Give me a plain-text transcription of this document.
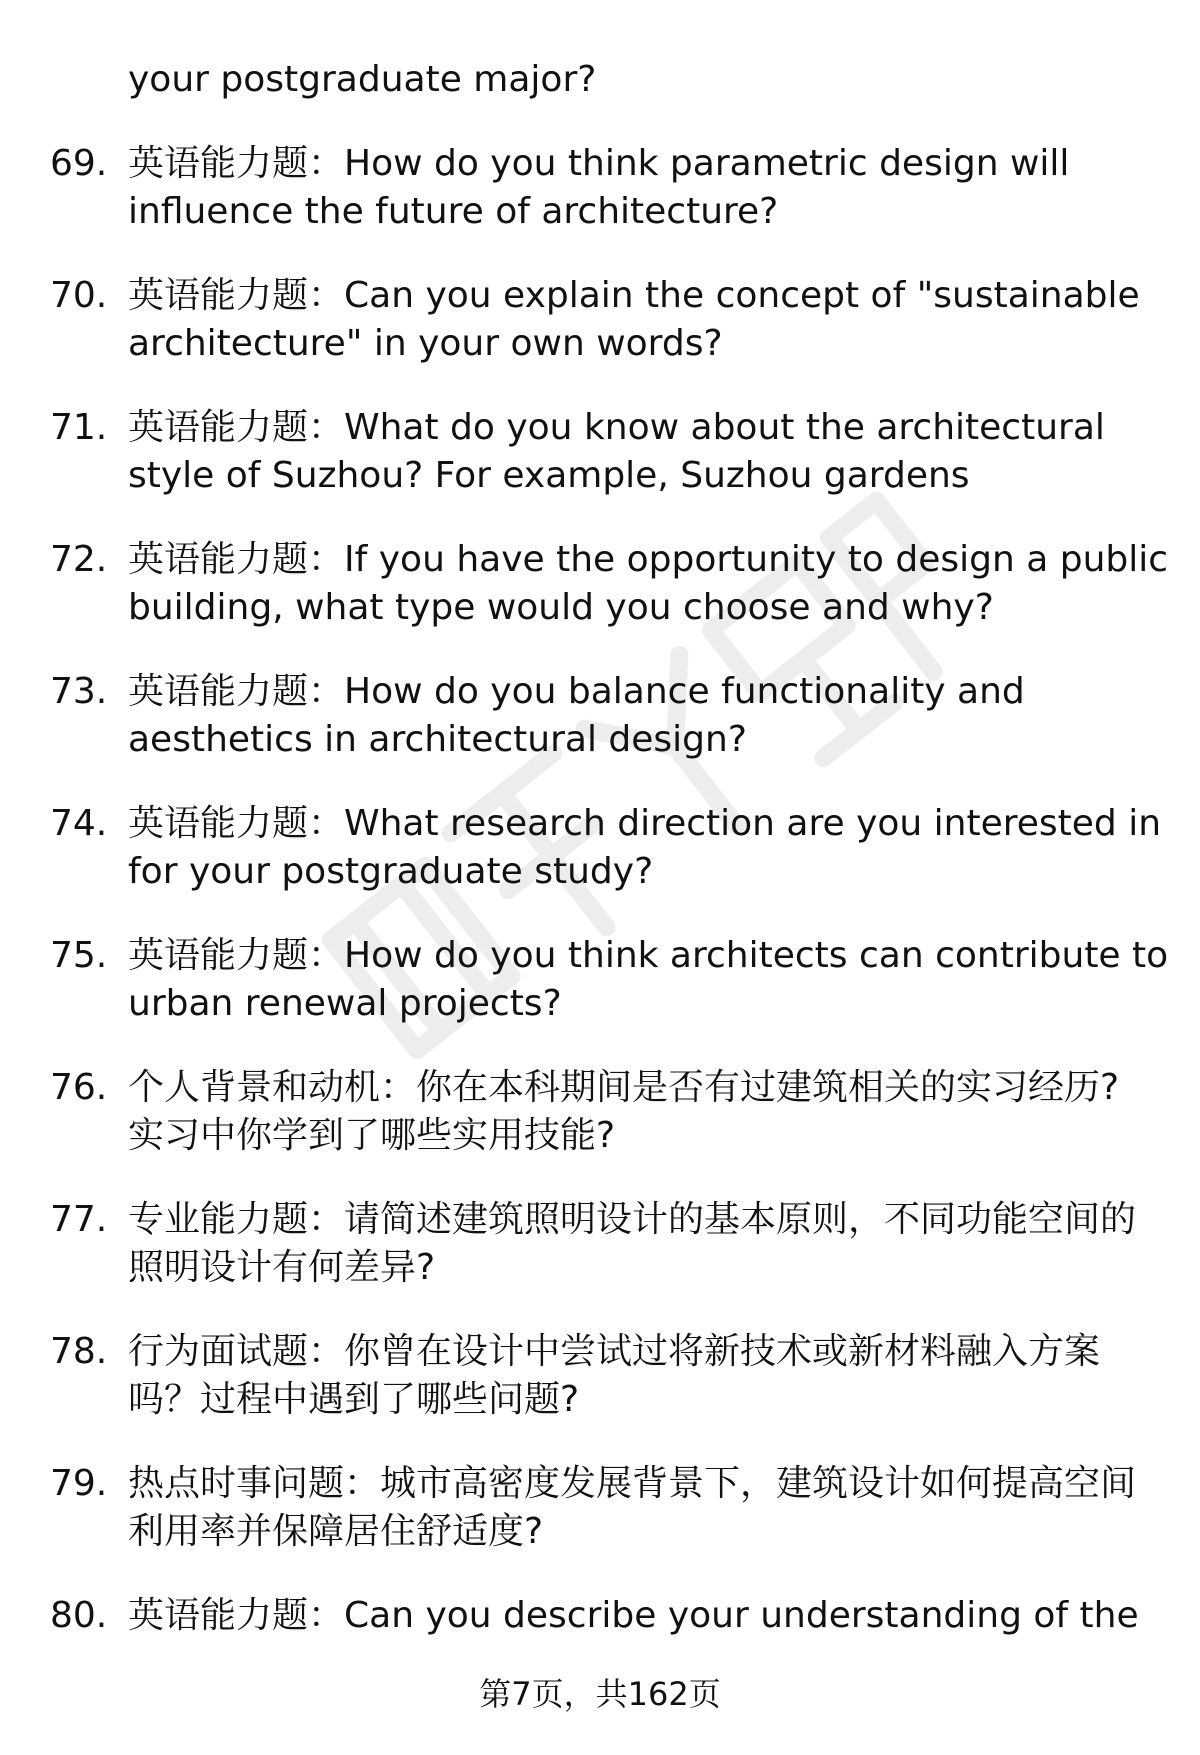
your postgraduate major?
69. 英语能力题：How do you think parametric design will
influence the future of architecture?
70. 英语能力题：Can you explain the concept of "sustainable
architecture" in your own words?
71. 英语能力题：What do you know about the architectural
style of Suzhou? For example, Suzhou gardens
72. 英语能力题：If you have the opportunity to design a public
building, what type would you choose and why?
73. 英语能力题：How do you balance functionality and
aesthetics in architectural design?
74. 英语能力题：What research direction are you interested in
for your postgraduate study?
75. 英语能力题：How do you think architects can contribute to
urban renewal projects?
76. 个人背景和动机：你在本科期间是否有过建筑相关的实习经历?
实习中你学到了哪些实用技能?
77. 专业能力题：请简述建筑照明设计的基本原则，不同功能空间的
照明设计有何差异?
78. 行为面试题：你曾在设计中尝试过将新技术或新材料融入方案
吗？过程中遇到了哪些问题?
79. 热点时事问题：城市高密度发展背景下，建筑设计如何提高空间
利用率并保障居住舒适度?
80. 英语能力题：Can you describe your understanding of the
第7页，共162页
